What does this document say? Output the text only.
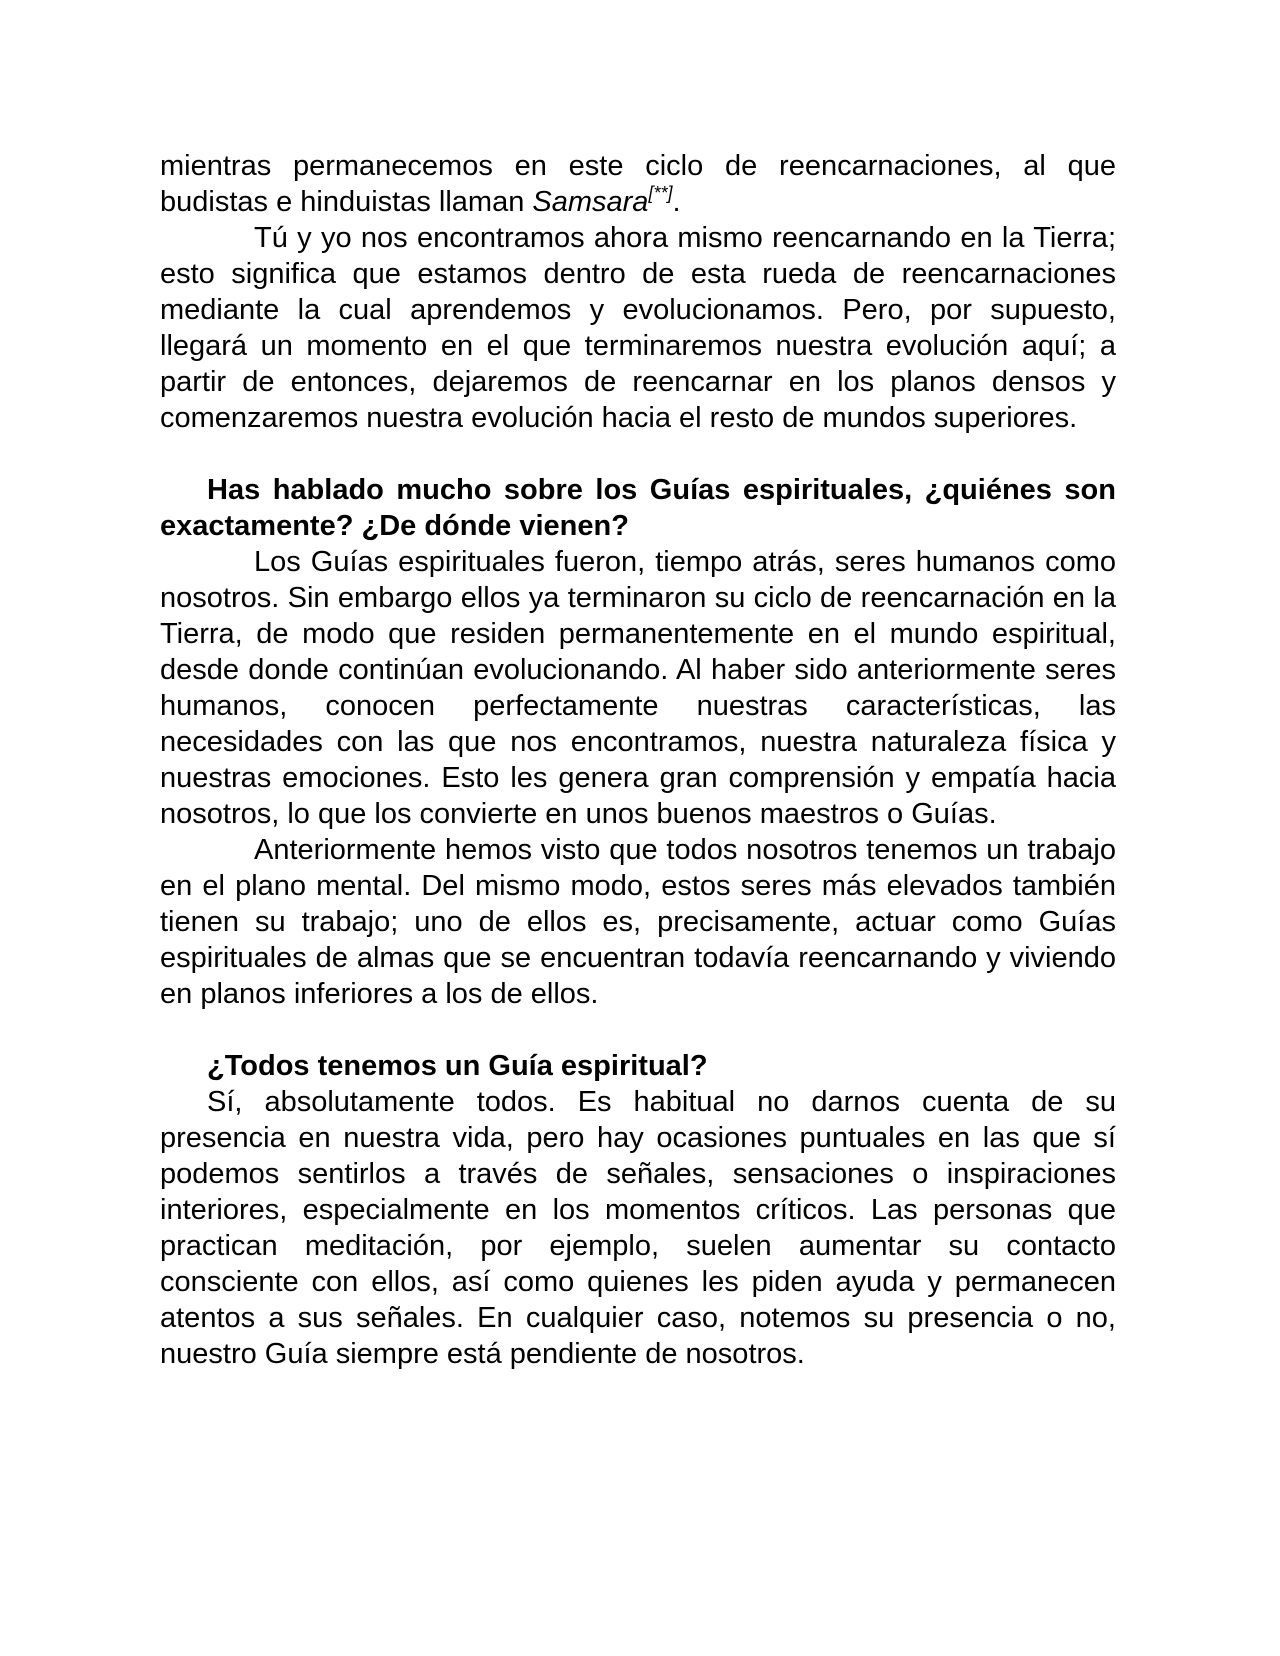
mientras permanecemos en este ciclo de reencarnaciones, al que budistas e hinduistas llaman Samsara[**].

Tú y yo nos encontramos ahora mismo reencarnando en la Tierra; esto significa que estamos dentro de esta rueda de reencarnaciones mediante la cual aprendemos y evolucionamos. Pero, por supuesto, llegará un momento en el que terminaremos nuestra evolución aquí; a partir de entonces, dejaremos de reencarnar en los planos densos y comenzaremos nuestra evolución hacia el resto de mundos superiores.

Has hablado mucho sobre los Guías espirituales, ¿quiénes son exactamente? ¿De dónde vienen?

Los Guías espirituales fueron, tiempo atrás, seres humanos como nosotros. Sin embargo ellos ya terminaron su ciclo de reencarnación en la Tierra, de modo que residen permanentemente en el mundo espiritual, desde donde continúan evolucionando. Al haber sido anteriormente seres humanos, conocen perfectamente nuestras características, las necesidades con las que nos encontramos, nuestra naturaleza física y nuestras emociones. Esto les genera gran comprensión y empatía hacia nosotros, lo que los convierte en unos buenos maestros o Guías.

Anteriormente hemos visto que todos nosotros tenemos un trabajo en el plano mental. Del mismo modo, estos seres más elevados también tienen su trabajo; uno de ellos es, precisamente, actuar como Guías espirituales de almas que se encuentran todavía reencarnando y viviendo en planos inferiores a los de ellos.

¿Todos tenemos un Guía espiritual?

Sí, absolutamente todos. Es habitual no darnos cuenta de su presencia en nuestra vida, pero hay ocasiones puntuales en las que sí podemos sentirlos a través de señales, sensaciones o inspiraciones interiores, especialmente en los momentos críticos. Las personas que practican meditación, por ejemplo, suelen aumentar su contacto consciente con ellos, así como quienes les piden ayuda y permanecen atentos a sus señales. En cualquier caso, notemos su presencia o no, nuestro Guía siempre está pendiente de nosotros.
